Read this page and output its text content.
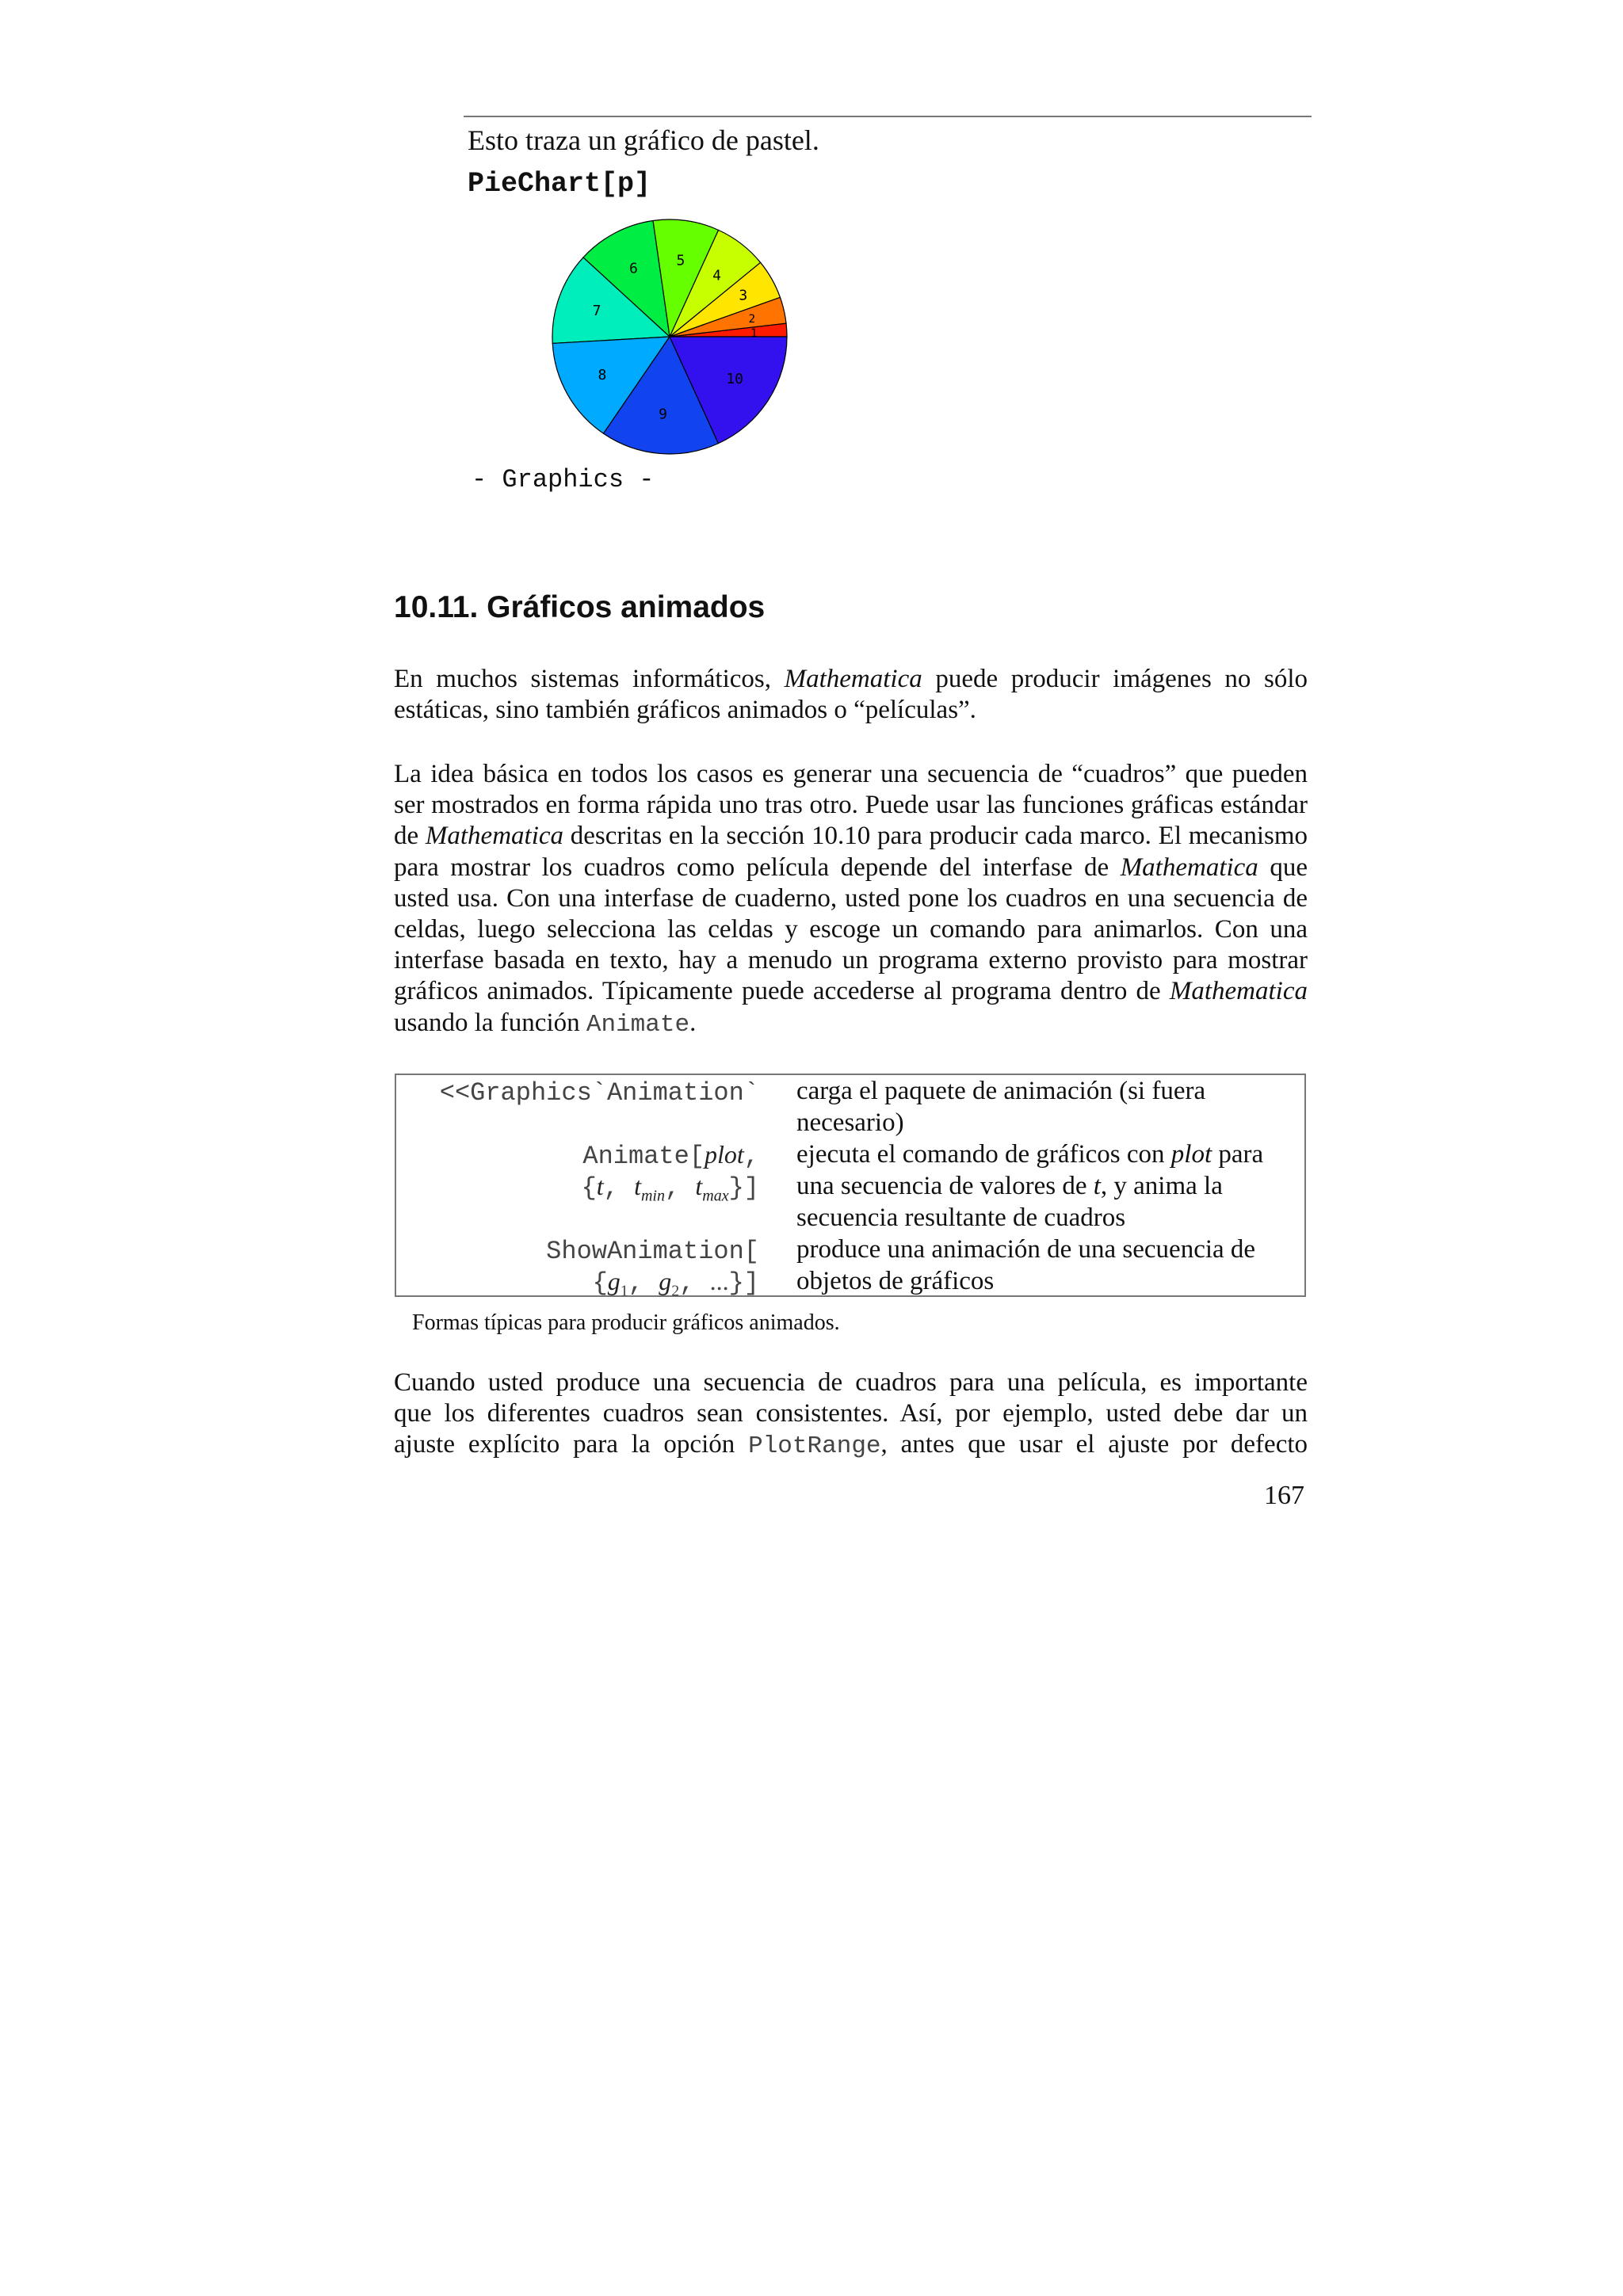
Esto traza un gráfico de pastel.
PieChart[p]
1
2
3
4
5
6
7
8
9
10
- Graphics -
10.11. Gráficos animados
En muchos sistemas informáticos, Mathematica puede producir imágenes no sólo estáticas, sino también gráficos animados o “películas”.
La idea básica en todos los casos es generar una secuencia de “cuadros” que pueden ser mostrados en forma rápida uno tras otro. Puede usar las funciones gráficas estándar de Mathematica descritas en la sección 10.10 para producir cada marco. El mecanismo para mostrar los cuadros como película depende del interfase de Mathematica que usted usa. Con una interfase de cuaderno, usted pone los cuadros en una secuencia de celdas, luego selecciona las celdas y escoge un comando para animarlos. Con una interfase basada en texto, hay a menudo un programa externo provisto para mostrar gráficos animados. Típicamente puede accederse al programa dentro de Mathematica usando la función Animate.
<<Graphics`Animation` carga el paquete de animación (si fuera necesario)
Animate[plot,
{t, $t_{min}$, $t_{max}$}]
ejecuta el comando de gráficos con plot para una secuencia de valores de t, y anima la secuencia resultante de cuadros
ShowAnimation[
{$g_1$, $g_2$, ...}]
produce una animación de una secuencia de objetos de gráficos
Formas típicas para producir gráficos animados.
Cuando usted produce una secuencia de cuadros para una película, es importante
que los diferentes cuadros sean consistentes. Así, por ejemplo, usted debe dar un
ajuste explícito para la opción PlotRange, antes que usar el ajuste por defecto
167
